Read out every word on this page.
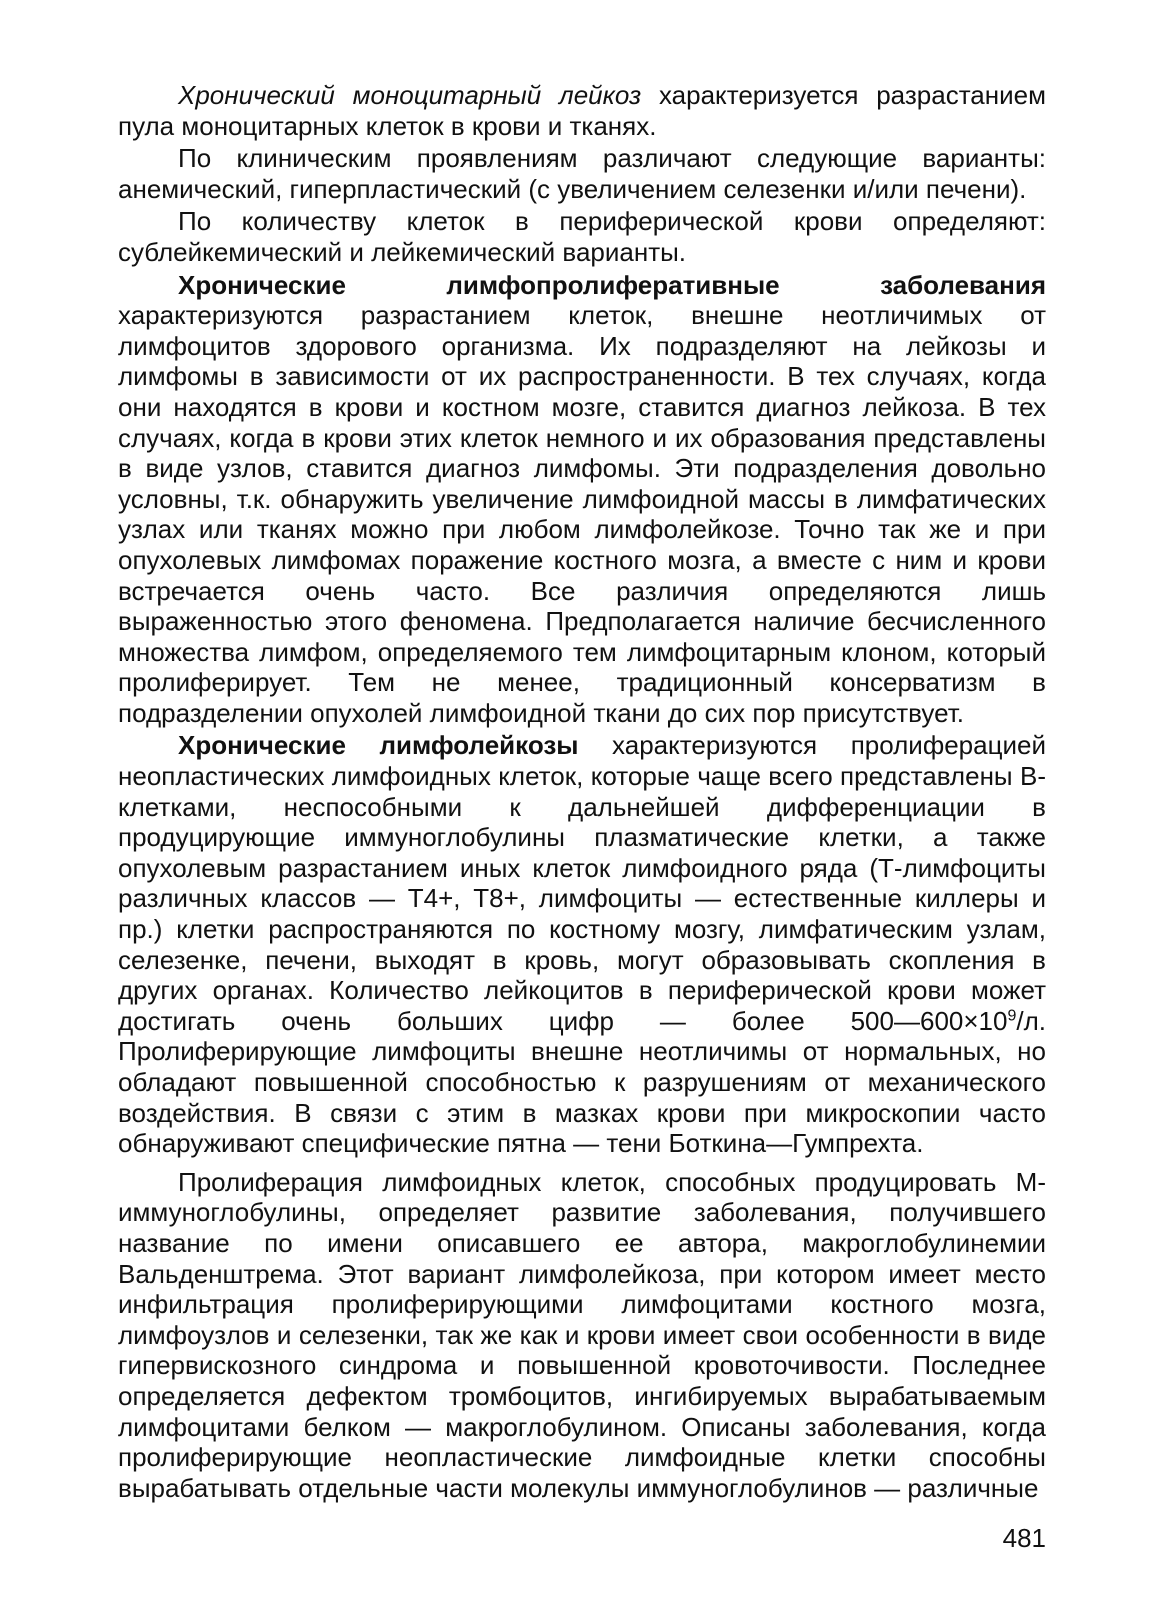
Хронический моноцитарный лейкоз характеризуется разрастанием пула моноцитарных клеток в крови и тканях.

По клиническим проявлениям различают следующие варианты: анемический, гиперпластический (с увеличением селезенки и/или печени).

По количеству клеток в периферической крови определяют: сублейкемический и лейкемический варианты.

Хронические лимфопролиферативные заболевания характеризуются разрастанием клеток, внешне неотличимых от лимфоцитов здорового организма. Их подразделяют на лейкозы и лимфомы в зависимости от их распространенности. В тех случаях, когда они находятся в крови и костном мозге, ставится диагноз лейкоза. В тех случаях, когда в крови этих клеток немного и их образования представлены в виде узлов, ставится диагноз лимфомы. Эти подразделения довольно условны, т.к. обнаружить увеличение лимфоидной массы в лимфатических узлах или тканях можно при любом лимфолейкозе. Точно так же и при опухолевых лимфомах поражение костного мозга, а вместе с ним и крови встречается очень часто. Все различия определяются лишь выраженностью этого феномена. Предполагается наличие бесчисленного множества лимфом, определяемого тем лимфоцитарным клоном, который пролиферирует. Тем не менее, традиционный консерватизм в подразделении опухолей лимфоидной ткани до сих пор присутствует.

Хронические лимфолейкозы характеризуются пролиферацией неопластических лимфоидных клеток, которые чаще всего представлены В-клетками, неспособными к дальнейшей дифференциации в продуцирующие иммуноглобулины плазматические клетки, а также опухолевым разрастанием иных клеток лимфоидного ряда (Т-лимфоциты различных классов — Т4+, Т8+, лимфоциты — естественные киллеры и пр.) клетки распространяются по костному мозгу, лимфатическим узлам, селезенке, печени, выходят в кровь, могут образовывать скопления в других органах. Количество лейкоцитов в периферической крови может достигать очень больших цифр — более $500—600\times 10^9/л$. Пролиферирующие лимфоциты внешне неотличимы от нормальных, но обладают повышенной способностью к разрушениям от механического воздействия. В связи с этим в мазках крови при микроскопии часто обнаруживают специфические пятна — тени Боткина—Гумпрехта.

Пролиферация лимфоидных клеток, способных продуцировать М-иммуноглобулины, определяет развитие заболевания, получившего название по имени описавшего ее автора, макроглобулинемии Вальденштрема. Этот вариант лимфолейкоза, при котором имеет место инфильтрация пролиферирующими лимфоцитами костного мозга, лимфоузлов и селезенки, так же как и крови имеет свои особенности в виде гипервискозного синдрома и повышенной кровоточивости. Последнее определяется дефектом тромбоцитов, ингибируемых вырабатываемым лимфоцитами белком — макроглобулином. Описаны заболевания, когда пролиферирующие неопластические лимфоидные клетки способны вырабатывать отдельные части молекулы иммуноглобулинов — различные

481
